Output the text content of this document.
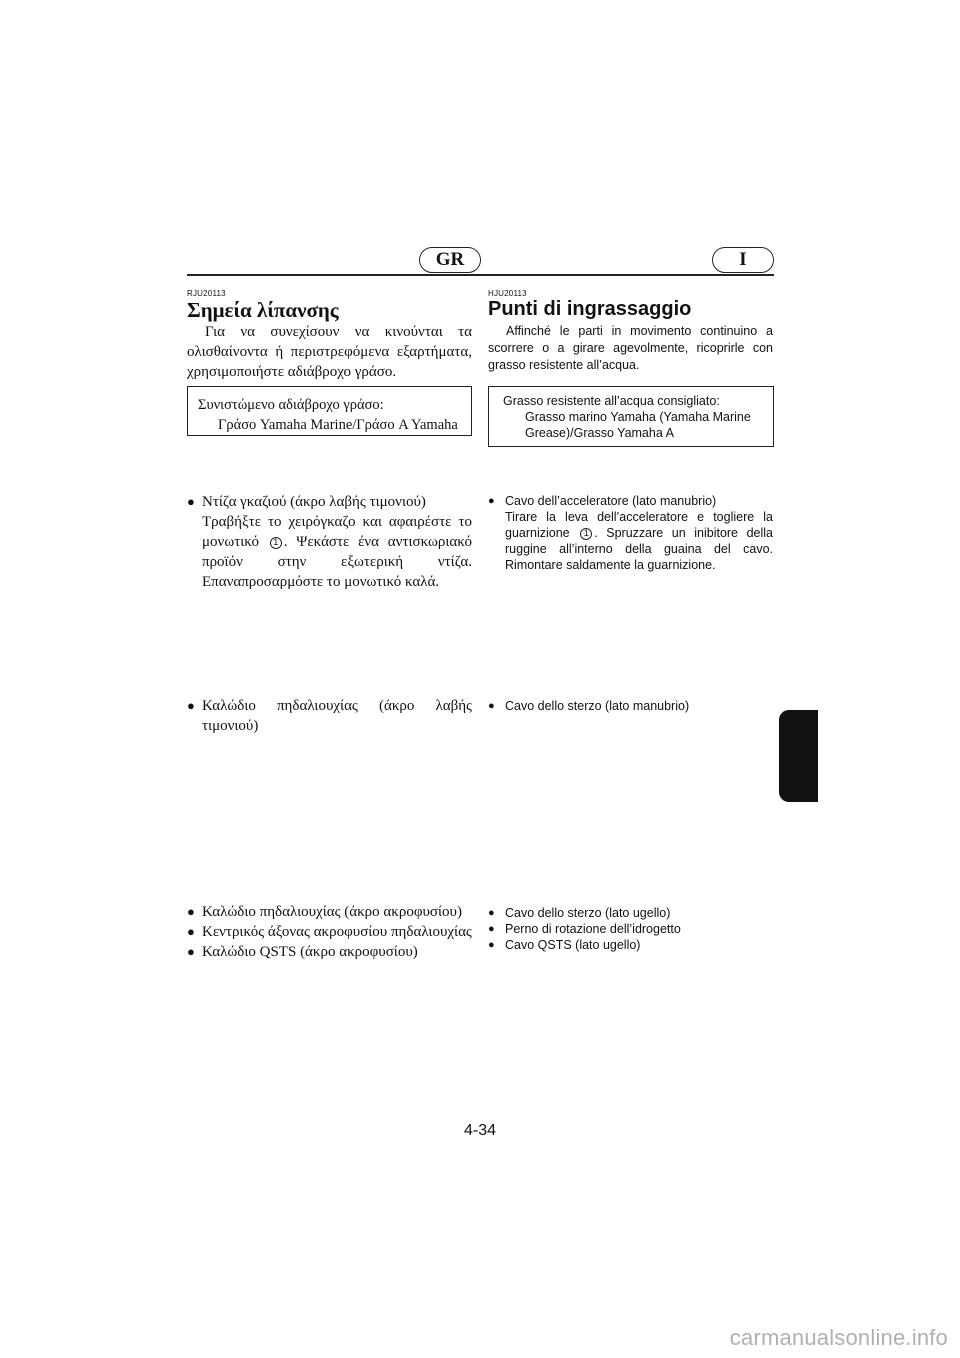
GR	I
RJU20113
Σημεία λίπανσης

Για να συνεχίσουν να κινούνται τα ολισθαίνοντα ή περιστρεφόμενα εξαρτήματα, χρησιμοποιήστε αδιάβροχο γράσο.

Συνιστώμενο αδιάβροχο γράσο:
Γράσο Yamaha Marine/Γράσο A Yamaha
● Ντίζα γκαζιού (άκρο λαβής τιμονιού)
Τραβήξτε το χειρόγκαζο και αφαιρέστε το μονωτικό 1 . Ψεκάστε ένα αντισκωριακό προϊόν στην εξωτερική ντίζα. Επαναπροσαρμόστε το μονωτικό καλά.
● Καλώδιο πηδαλιουχίας (άκρο λαβής τιμονιού)
● Καλώδιο πηδαλιουχίας (άκρο ακροφυσίου)
● Κεντρικός άξονας ακροφυσίου πηδαλιουχίας
● Καλώδιο QSTS (άκρο ακροφυσίου)
HJU20113
Punti di ingrassaggio

Affinché le parti in movimento continuino a scorrere o a girare agevolmente, ricoprirle con grasso resistente all’acqua.

Grasso resistente all’acqua consigliato:
Grasso marino Yamaha (Yamaha Marine Grease)/Grasso Yamaha A
● Cavo dell’acceleratore (lato manubrio)
Tirare la leva dell’acceleratore e togliere la guarnizione 1 . Spruzzare un inibitore della ruggine all’interno della guaina del cavo. Rimontare saldamente la guarnizione.
● Cavo dello sterzo (lato manubrio)
● Cavo dello sterzo (lato ugello)
● Perno di rotazione dell’idrogetto
● Cavo QSTS (lato ugello)
4-34
carmanualsonline.info
